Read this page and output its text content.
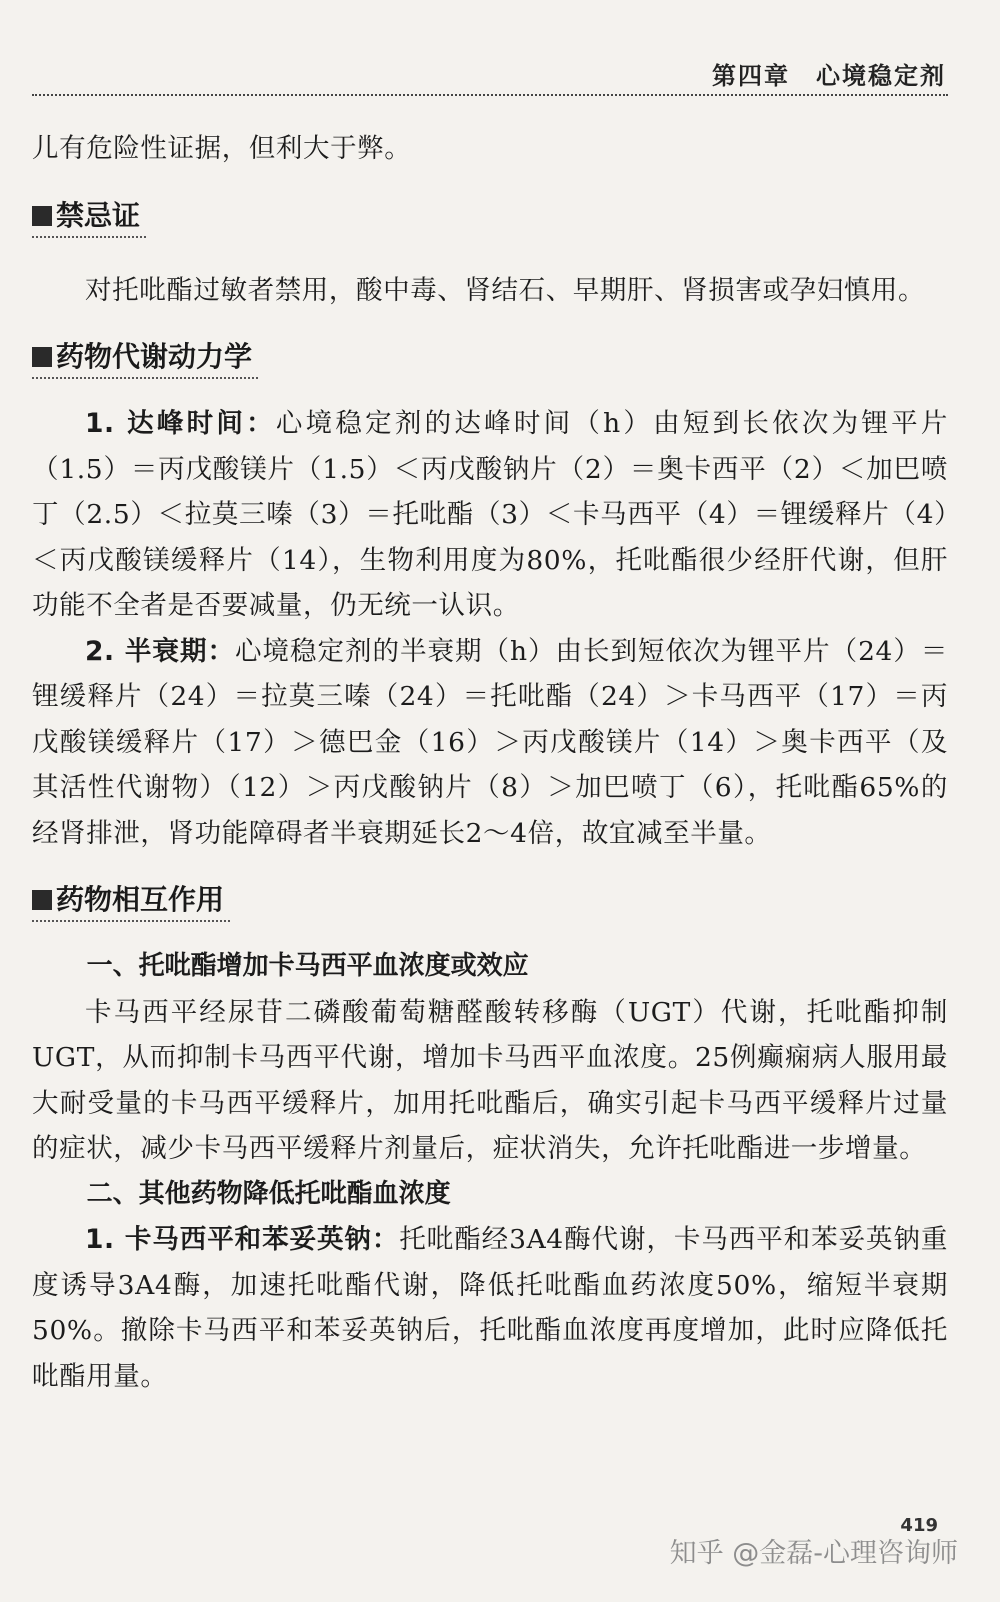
第四章　心境稳定剂

儿有危险性证据，但利大于弊。

禁忌证

对托吡酯过敏者禁用，酸中毒、肾结石、早期肝、肾损害或孕妇慎用。

药物代谢动力学

1. 达峰时间：心境稳定剂的达峰时间（h）由短到长依次为锂平片（1.5）＝丙戊酸镁片（1.5）＜丙戊酸钠片（2）＝奥卡西平（2）＜加巴喷丁（2.5）＜拉莫三嗪（3）＝托吡酯（3）＜卡马西平（4）＝锂缓释片（4）＜丙戊酸镁缓释片（14），生物利用度为80%，托吡酯很少经肝代谢，但肝功能不全者是否要减量，仍无统一认识。

2. 半衰期：心境稳定剂的半衰期（h）由长到短依次为锂平片（24）＝锂缓释片（24）＝拉莫三嗪（24）＝托吡酯（24）＞卡马西平（17）＝丙戊酸镁缓释片（17）＞德巴金（16）＞丙戊酸镁片（14）＞奥卡西平（及其活性代谢物）（12）＞丙戊酸钠片（8）＞加巴喷丁（6），托吡酯65%的经肾排泄，肾功能障碍者半衰期延长2～4倍，故宜减至半量。

药物相互作用
一、托吡酯增加卡马西平血浓度或效应

卡马西平经尿苷二磷酸葡萄糖醛酸转移酶（UGT）代谢，托吡酯抑制UGT，从而抑制卡马西平代谢，增加卡马西平血浓度。25例癫痫病人服用最大耐受量的卡马西平缓释片，加用托吡酯后，确实引起卡马西平缓释片过量的症状，减少卡马西平缓释片剂量后，症状消失，允许托吡酯进一步增量。

二、其他药物降低托吡酯血浓度

1. 卡马西平和苯妥英钠：托吡酯经3A4酶代谢，卡马西平和苯妥英钠重度诱导3A4酶，加速托吡酯代谢，降低托吡酯血药浓度50%，缩短半衰期50%。撤除卡马西平和苯妥英钠后，托吡酯血浓度再度增加，此时应降低托吡酯用量。

419
知乎 @金磊-心理咨询师
